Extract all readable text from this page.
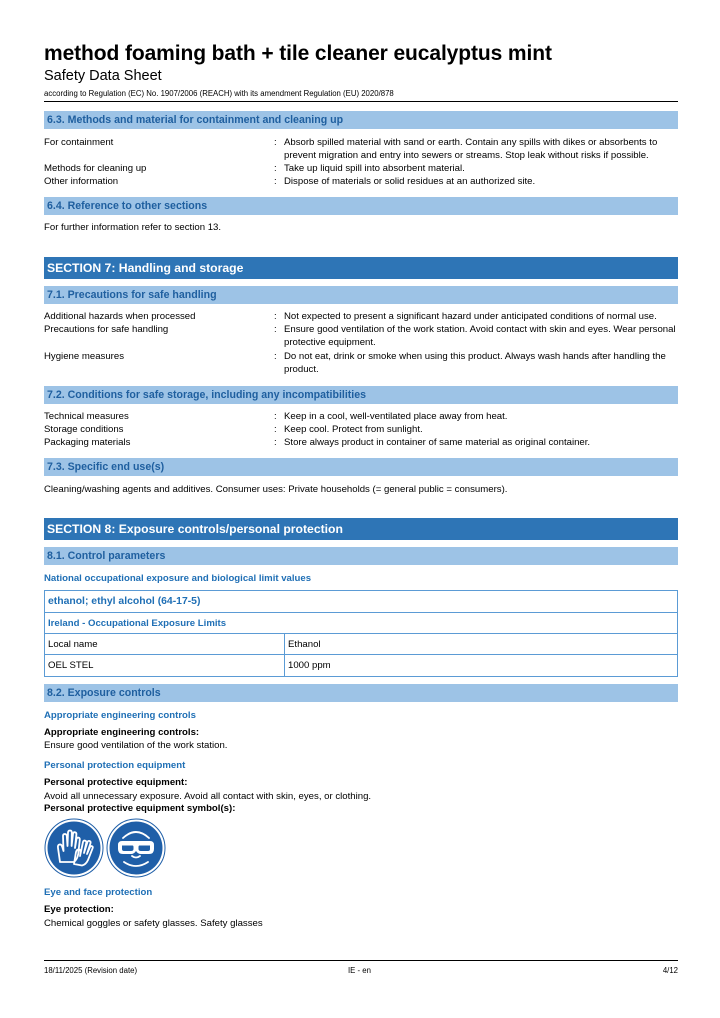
method foaming bath + tile cleaner eucalyptus mint
Safety Data Sheet
according to Regulation (EC) No. 1907/2006 (REACH) with its amendment Regulation (EU) 2020/878
6.3. Methods and material for containment and cleaning up
For containment	: Absorb spilled material with sand or earth. Contain any spills with dikes or absorbents to prevent migration and entry into sewers or streams. Stop leak without risks if possible.
Methods for cleaning up	: Take up liquid spill into absorbent material.
Other information	: Dispose of materials or solid residues at an authorized site.
6.4. Reference to other sections
For further information refer to section 13.
SECTION 7: Handling and storage
7.1. Precautions for safe handling
Additional hazards when processed	: Not expected to present a significant hazard under anticipated conditions of normal use.
Precautions for safe handling	: Ensure good ventilation of the work station. Avoid contact with skin and eyes. Wear personal protective equipment.
Hygiene measures	: Do not eat, drink or smoke when using this product. Always wash hands after handling the product.
7.2. Conditions for safe storage, including any incompatibilities
Technical measures	: Keep in a cool, well-ventilated place away from heat.
Storage conditions	: Keep cool. Protect from sunlight.
Packaging materials	: Store always product in container of same material as original container.
7.3. Specific end use(s)
Cleaning/washing agents and additives. Consumer uses: Private households (= general public = consumers).
SECTION 8: Exposure controls/personal protection
8.1. Control parameters
National occupational exposure and biological limit values
ethanol; ethyl alcohol (64-17-5)
Ireland - Occupational Exposure Limits
Local name	Ethanol
OEL STEL	1000 ppm
8.2. Exposure controls
Appropriate engineering controls
Appropriate engineering controls:
Ensure good ventilation of the work station.
Personal protection equipment
Personal protective equipment:
Avoid all unnecessary exposure. Avoid all contact with skin, eyes, or clothing.
Personal protective equipment symbol(s):
Eye and face protection
Eye protection:
Chemical goggles or safety glasses. Safety glasses
18/11/2025 (Revision date)	IE - en	4/12
